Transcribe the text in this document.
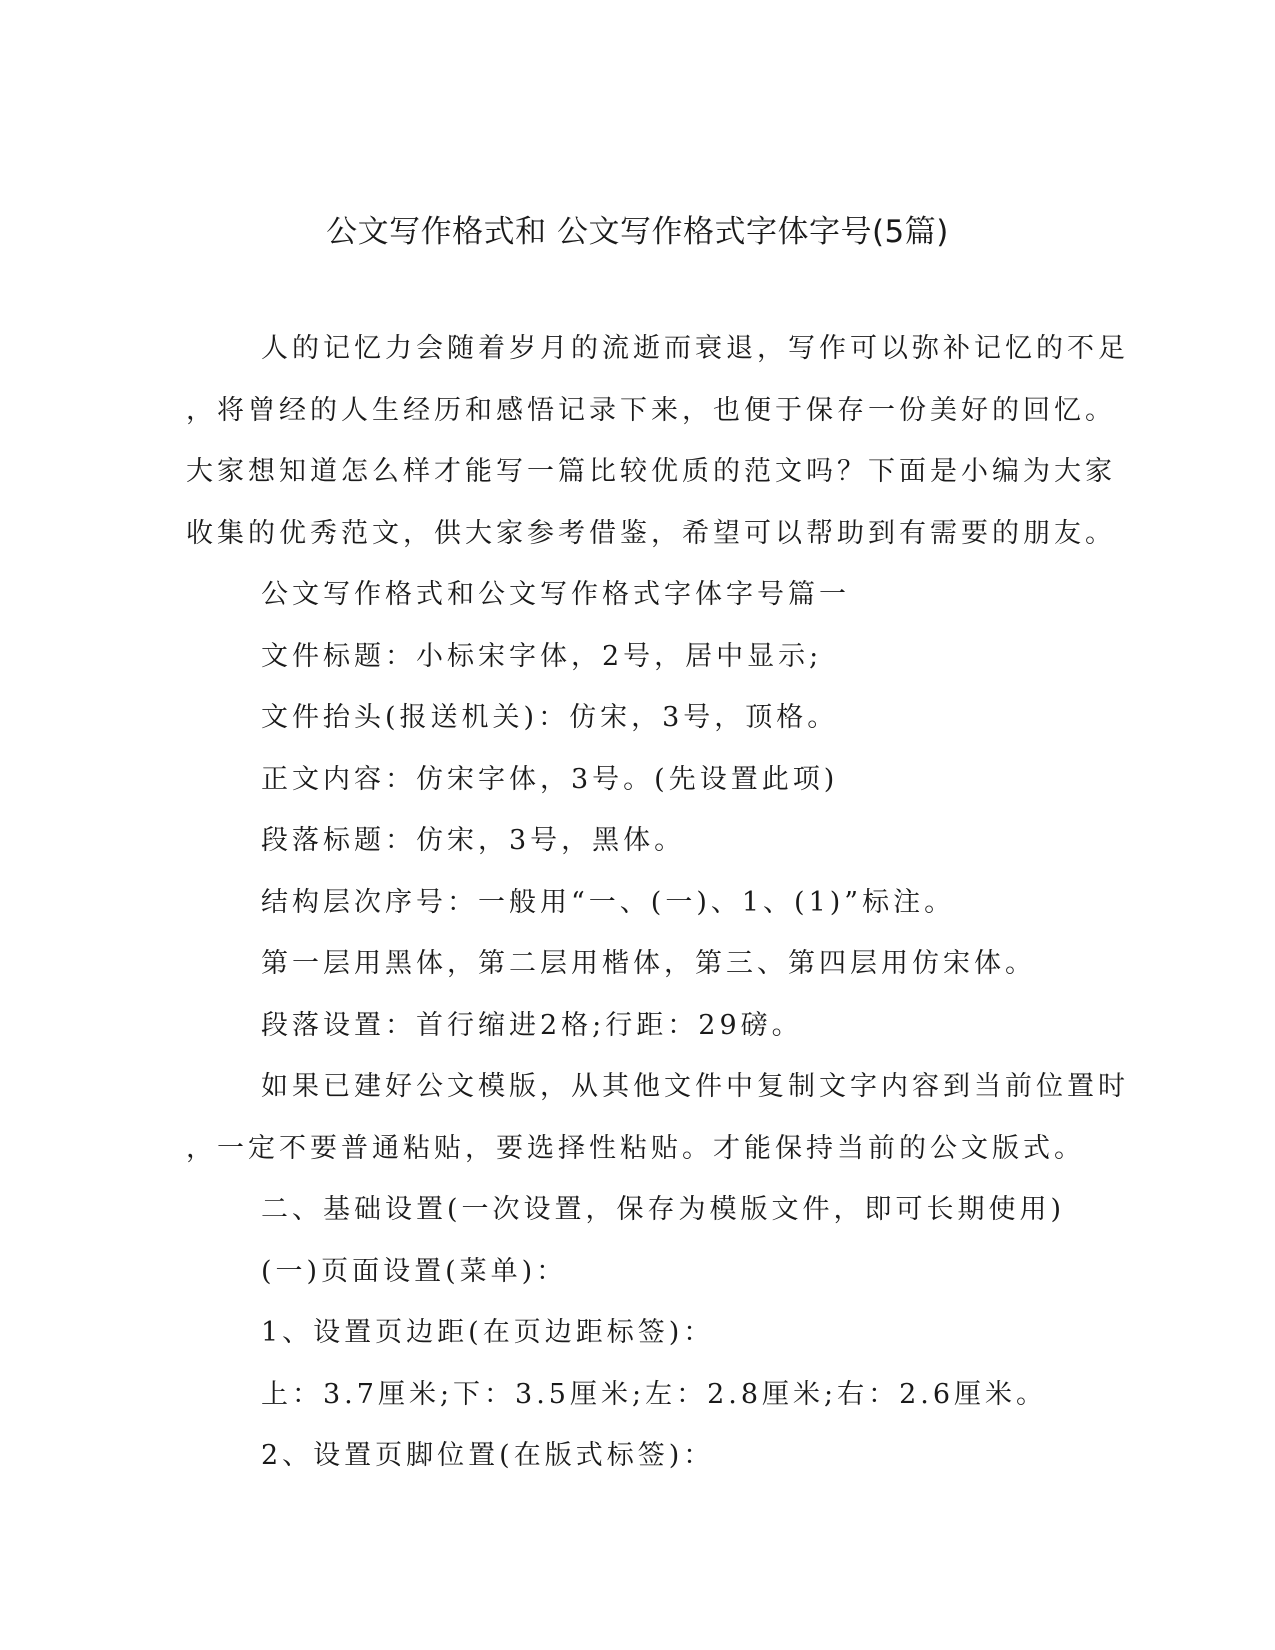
公文写作格式和 公文写作格式字体字号(5篇)
人的记忆力会随着岁月的流逝而衰退，写作可以弥补记忆的不足
，将曾经的人生经历和感悟记录下来，也便于保存一份美好的回忆。
大家想知道怎么样才能写一篇比较优质的范文吗？下面是小编为大家
收集的优秀范文，供大家参考借鉴，希望可以帮助到有需要的朋友。
公文写作格式和公文写作格式字体字号篇一
文件标题：小标宋字体，2号，居中显示;
文件抬头(报送机关)：仿宋，3号，顶格。
正文内容：仿宋字体，3号。(先设置此项)
段落标题：仿宋，3号，黑体。
结构层次序号：一般用“一、(一)、1、(1)”标注。
第一层用黑体，第二层用楷体，第三、第四层用仿宋体。
段落设置：首行缩进2格;行距：29磅。
如果已建好公文模版，从其他文件中复制文字内容到当前位置时
，一定不要普通粘贴，要选择性粘贴。才能保持当前的公文版式。
二、基础设置(一次设置，保存为模版文件，即可长期使用)
(一)页面设置(菜单)：
1、设置页边距(在页边距标签)：
上：3.7厘米;下：3.5厘米;左：2.8厘米;右：2.6厘米。
2、设置页脚位置(在版式标签)：
